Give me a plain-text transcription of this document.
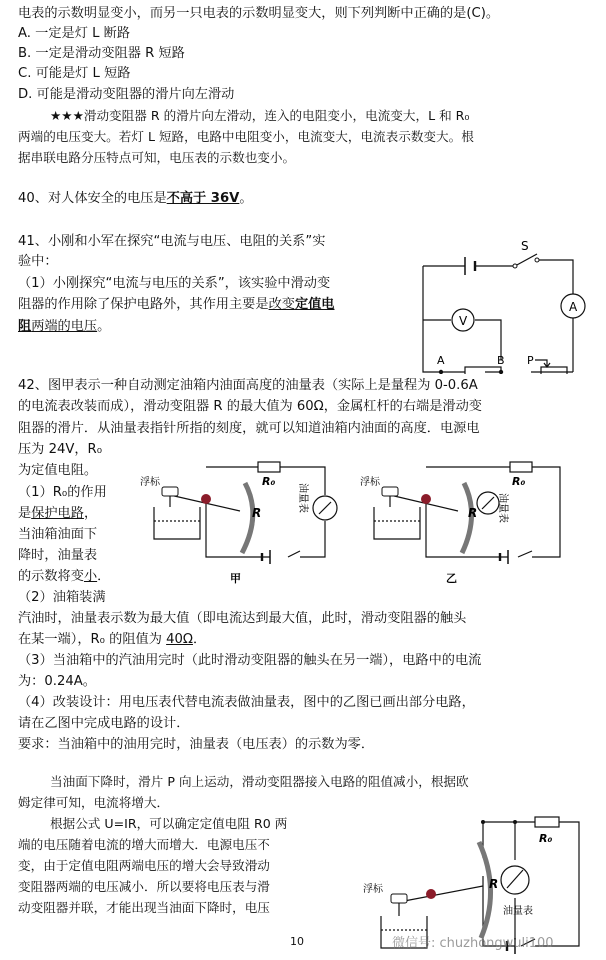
电表的示数明显变小，而另一只电表的示数明显变大，则下列判断中正确的是(C)。
A. 一定是灯 L 断路
B. 一定是滑动变阻器 R 短路
C. 可能是灯 L 短路
D. 可能是滑动变阻器的滑片向左滑动
★★★滑动变阻器 R 的滑片向左滑动，连入的电阻变小，电流变大，L 和 R₀
两端的电压变大。若灯 L 短路，电路中电阻变小，电流变大，电流表示数变大。根
据串联电路分压特点可知，电压表的示数也变小。
40、对人体安全的电压是不高于 36V。
41、小刚和小军在探究“电流与电压、电阻的关系”实
验中：
（1）小刚探究“电流与电压的关系”，该实验中滑动变
阻器的作用除了保护电路外，其作用主要是改变定值电
阻两端的电压。
S
A
V
P
A	B
42、图甲表示一种自动测定油箱内油面高度的油量表（实际上是量程为 0-0.6A
的电流表改装而成），滑动变阻器 R 的最大值为 60Ω，金属杠杆的右端是滑动变
阻器的滑片．从油量表指针所指的刻度，就可以知道油箱内油面的高度．电源电
压为 24V，R₀
为定值电阻。
（1）R₀的作用
是保护电路，
当油箱油面下
降时，油量表
的示数将变小．
（2）油箱装满
汽油时，油量表示数为最大值（即电流达到最大值，此时，滑动变阻器的触头
在某一端），R₀ 的阻值为 40Ω．
（3）当油箱中的汽油用完时（此时滑动变阻器的触头在另一端），电路中的电流
为：0.24A。
（4）改装设计：用电压表代替电流表做油量表，图中的乙图已画出部分电路，
请在乙图中完成电路的设计．
要求：当油箱中的油用完时，油量表（电压表）的示数为零．
R₀
R
浮标
油量表
甲
R₀
R
浮标
油量表
乙
当油面下降时，滑片 P 向上运动，滑动变阻器接入电路的阻值减小，根据欧
姆定律可知，电流将增大．
根据公式 U=IR，可以确定定值电阻 R0 两
端的电压随着电流的增大而增大．电源电压不
变，由于定值电阻两端电压的增大会导致滑动
变阻器两端的电压减小．所以要将电压表与滑
动变阻器并联，才能出现当油面下降时，电压
R₀
R
浮标
油量表
10	微信号: chuzhongwuli100
